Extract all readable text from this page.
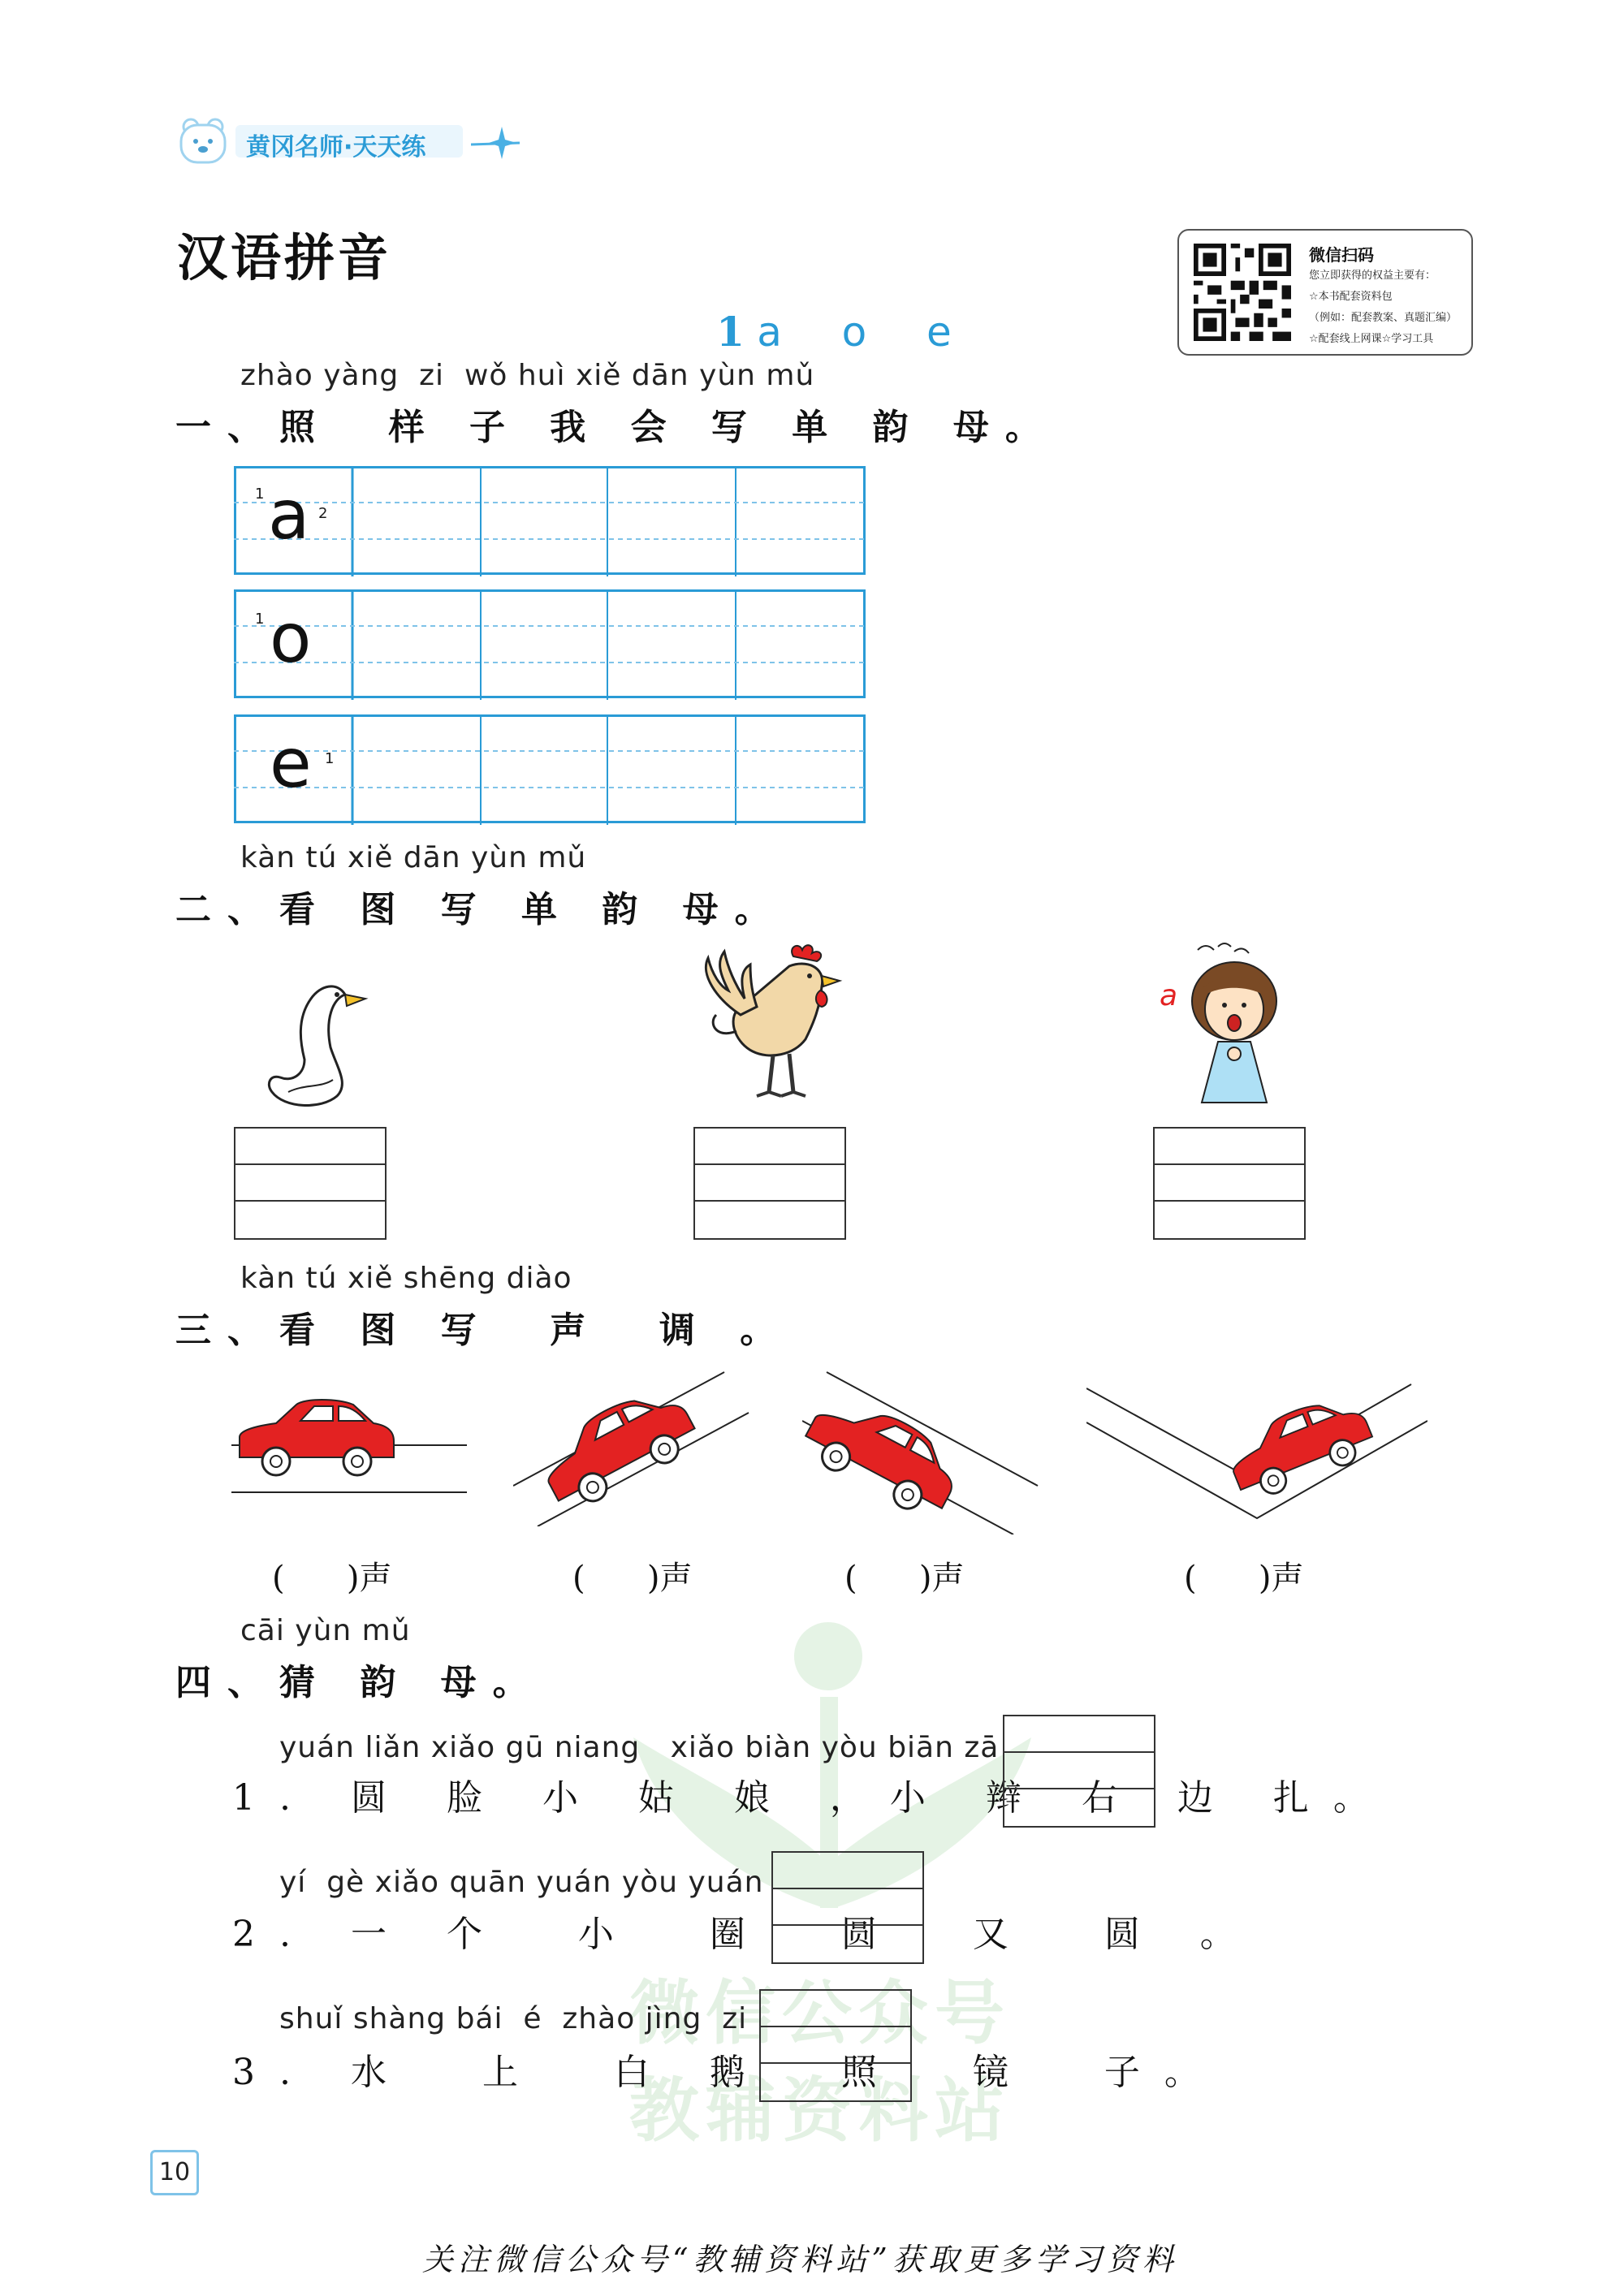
黄冈名师·天天练
汉语拼音

1 a  o  e

微信扫码
您立即获得的权益主要有：
☆本书配套资料包
（例如：配套教案、真题汇编）
☆配套线上网课☆学习工具
zhào yàng  zi  wǒ huì xiě dān yùn mǔ
一、照  样 子 我 会 写 单 韵 母。
a
1
2
o
1
e 1
kàn tú xiě dān yùn mǔ
二、看 图 写 单 韵 母。
a
kàn tú xiě shēng diào
三、看 图 写  声  调 。
(      )声	(      )声	(      )声	(      )声
微信公众号
教辅资料站
cāi yùn mǔ
四、猜 韵 母。
yuán liǎn xiǎo gū niang   xiǎo biàn yòu biān zā
1. 圆 脸 小 姑 娘 ，小 辫 右 边 扎。
yí  gè xiǎo quān yuán yòu yuán
2. 一 个  小  圈  圆  又  圆 。
shuǐ shàng bái  é  zhào jìng  zi
3. 水  上  白 鹅  照  镜  子。
10
关注微信公众号“教辅资料站”获取更多学习资料
